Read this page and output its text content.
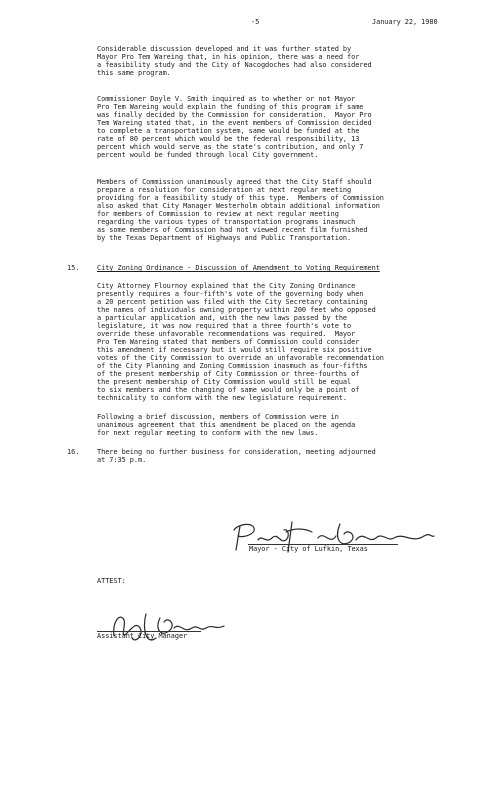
-5	January 22, 1980
Considerable discussion developed and it was further stated by
Mayor Pro Tem Wareing that, in his opinion, there was a need for
a feasibility study and the City of Nacogdoches had also considered
this same program.
Commissioner Doyle V. Smith inquired as to whether or not Mayor
Pro Tem Wareing would explain the funding of this program if same
was finally decided by the Commission for consideration.  Mayor Pro
Tem Wareing stated that, in the event members of Commission decided
to complete a transportation system, same would be funded at the
rate of 80 percent which would be the federal responsibility, 13
percent which would serve as the state's contribution, and only 7
percent would be funded through local City government.
Members of Commission unanimously agreed that the City Staff should
prepare a resolution for consideration at next regular meeting
providing for a feasibility study of this type.  Members of Commission
also asked that City Manager Westerholm obtain additional information
for members of Commission to review at next regular meeting
regarding the various types of transportation programs inasmuch
as some members of Commission had not viewed recent film furnished
by the Texas Department of Highways and Public Transportation.
15.	City Zoning Ordinance - Discussion of Amendment to Voting Requirement
City Attorney Flournoy explained that the City Zoning Ordinance
presently requires a four-fifth's vote of the governing body when
a 20 percent petition was filed with the City Secretary containing
the names of individuals owning property within 200 feet who opposed
a particular application and, with the new laws passed by the
legislature, it was now required that a three fourth's vote to
override these unfavorable recommendations was required.  Mayor
Pro Tem Wareing stated that members of Commission could consider
this amendment if necessary but it would still require six positive
votes of the City Commission to override an unfavorable recommendation
of the City Planning and Zoning Commission inasmuch as four-fifths
of the present membership of City Commission or three-fourths of
the present membership of City Commission would still be equal
to six members and the changing of same would only be a point of
technicality to conform with the new legislature requirement.
Following a brief discussion, members of Commission were in
unanimous agreement that this amendment be placed on the agenda
for next regular meeting to conform with the new laws.
16.	There being no further business for consideration, meeting adjourned
at 7:35 p.m.
Mayor - City of Lufkin, Texas
ATTEST:
Assistant City Manager
